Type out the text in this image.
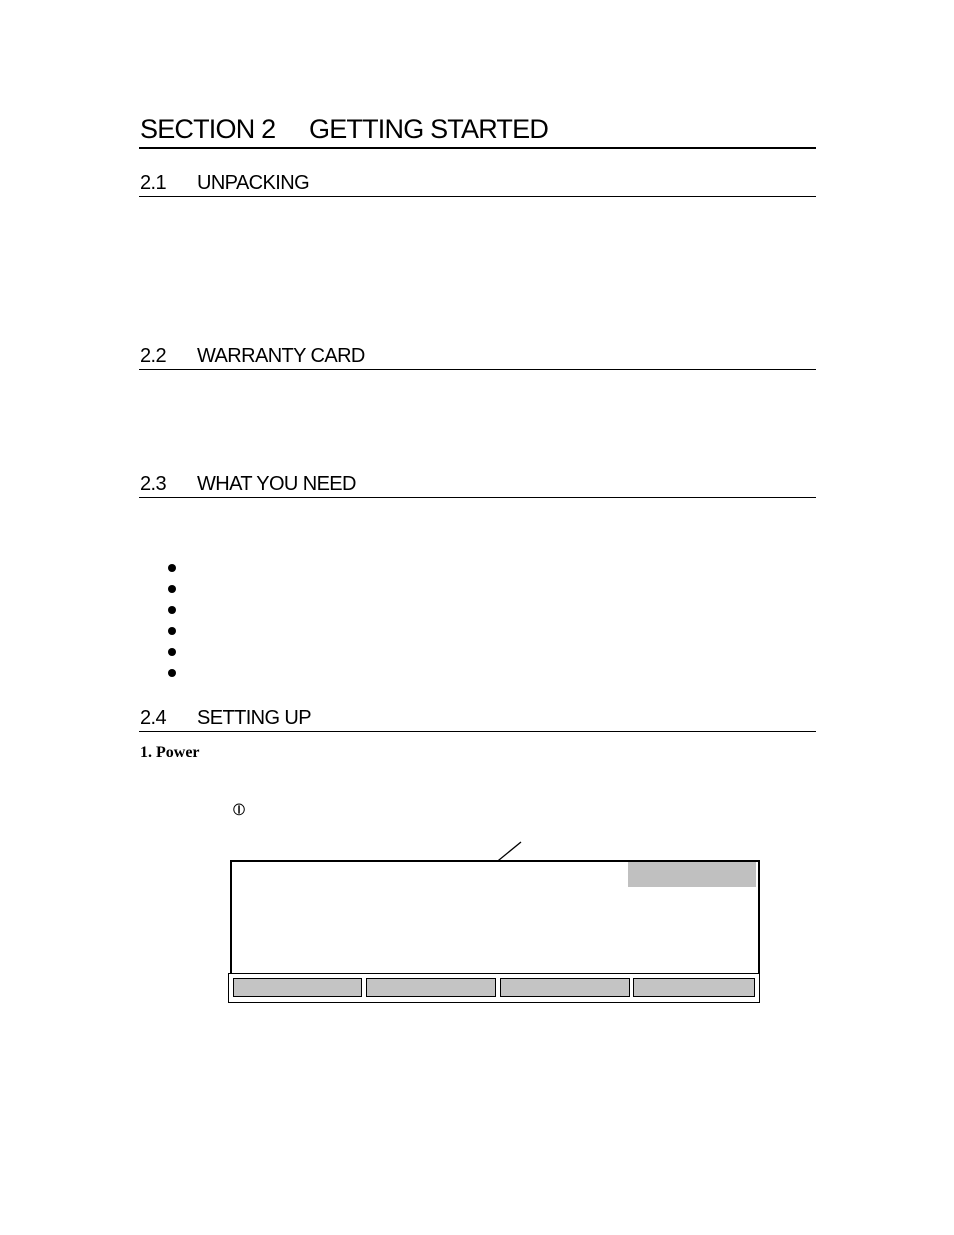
SECTION 2 GETTING STARTED
2.1 UNPACKING
2.2 WARRANTY CARD
2.3 WHAT YOU NEED
2.4 SETTING UP
1. Power
⦶
